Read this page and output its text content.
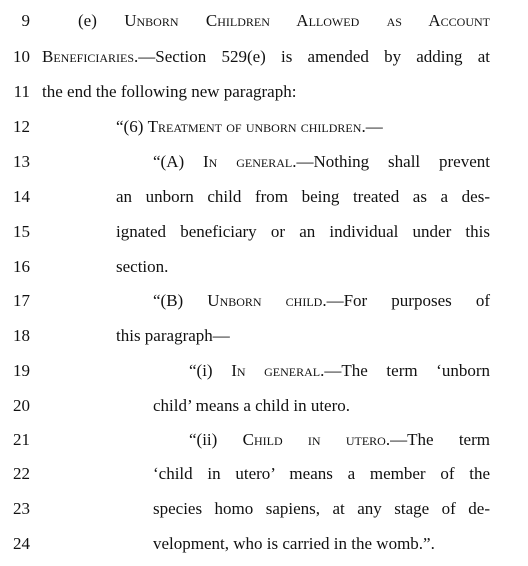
9	(e) Unborn Children Allowed as Account
10 Beneficiaries.—Section 529(e) is amended by adding at
11 the end the following new paragraph:
12	“(6) Treatment of unborn children.—
13	“(A) In general.—Nothing shall prevent
14	an unborn child from being treated as a des-
15	ignated beneficiary or an individual under this
16	section.
17	“(B) Unborn child.—For purposes of
18	this paragraph—
19	“(i) In general.—The term ‘unborn
20	child’ means a child in utero.
21	“(ii) Child in utero.—The term
22	‘child in utero’ means a member of the
23	species homo sapiens, at any stage of de-
24	velopment, who is carried in the womb.”.
